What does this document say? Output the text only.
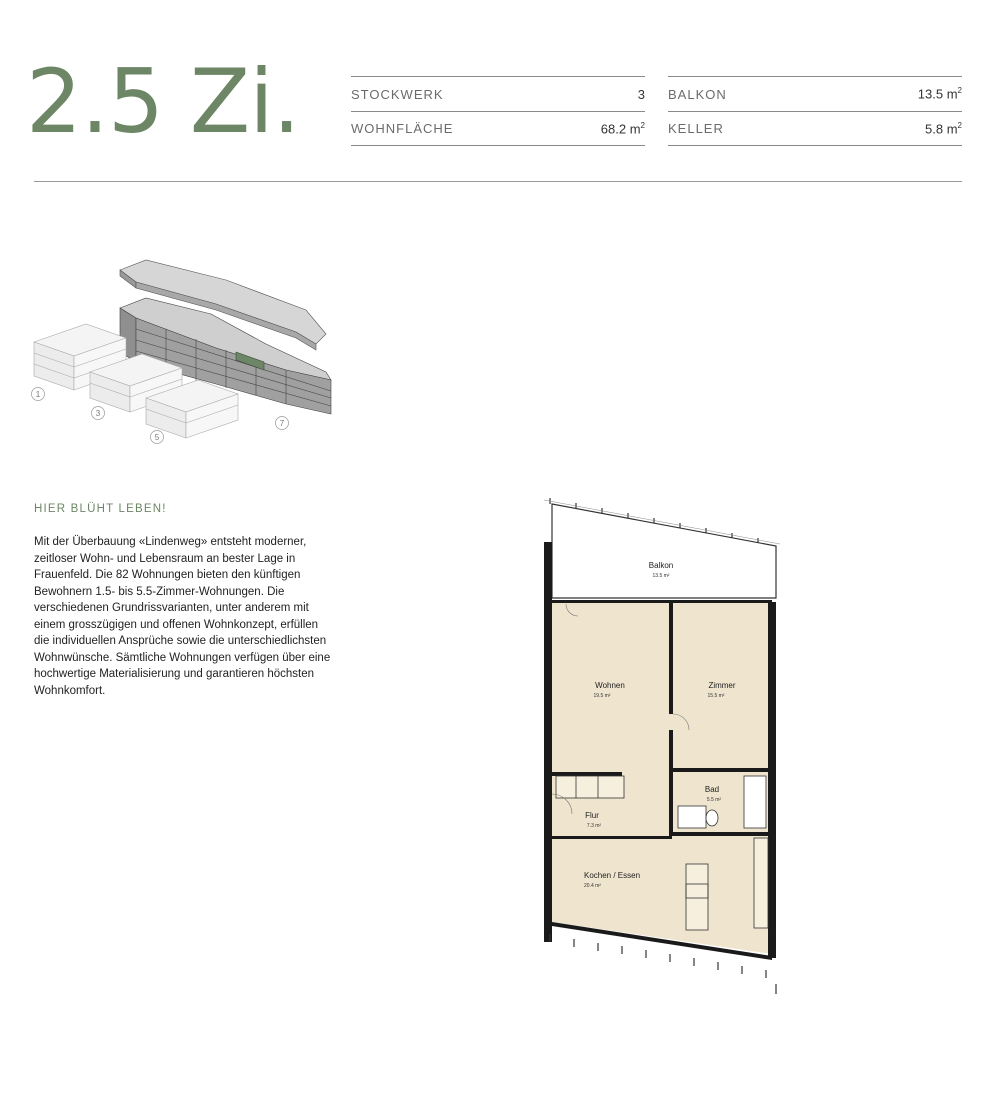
2.5 Zi.	STOCKWERK	3
WOHNFLÄCHE	68.2 $m^2$
BALKON	13.5 $m^2$
KELLER	5.8 $m^2$
1
3
5
7
HIER BLÜHT LEBEN!
Mit der Überbauung «Lindenweg» entsteht moderner, zeitloser Wohn- und Lebensraum an bester Lage in Frauenfeld. Die 82 Wohnungen bieten den künftigen Bewohnern 1.5- bis 5.5-Zimmer-Wohnungen. Die verschiedenen Grundrissvarianten, unter anderem mit einem grosszügigen und offenen Wohnkonzept, erfüllen die individuellen Ansprüche sowie die unterschiedlichsten Wohnwünsche. Sämtliche Wohnungen verfügen über eine hochwertige Materialisierung und garantieren höchsten Wohnkomfort.
Balkon
13.5 m²
Wohnen
19.5 m²
Zimmer
15.5 m²
Bad
5.5 m²
Flur
7.3 m²
Kochen / Essen
20.4 m²
